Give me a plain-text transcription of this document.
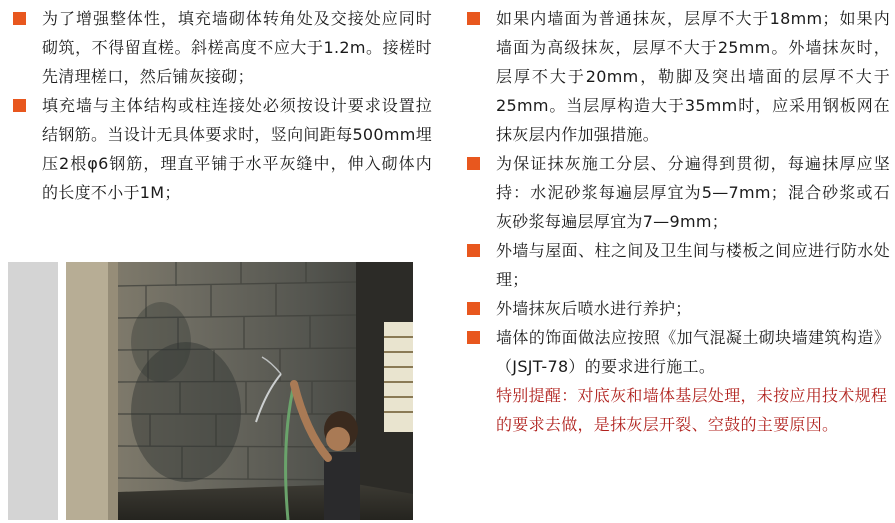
为了增强整体性，填充墙砌体转角处及交接处应同时砌筑，不得留直槎。斜槎高度不应大于1.2m。接槎时先清理槎口，然后铺灰接砌；
填充墙与主体结构或柱连接处必须按设计要求设置拉结钢筋。当设计无具体要求时，竖向间距每500mm埋压2根φ6钢筋，理直平铺于水平灰缝中，伸入砌体内的长度不小于1M；
如果内墙面为普通抹灰，层厚不大于18mm；如果内墙面为高级抹灰，层厚不大于25mm。外墙抹灰时，层厚不大于20mm，勒脚及突出墙面的层厚不大于25mm。当层厚构造大于35mm时，应采用钢板网在抹灰层内作加强措施。
为保证抹灰施工分层、分遍得到贯彻，每遍抹厚应坚持：水泥砂浆每遍层厚宜为5—7mm；混合砂浆或石灰砂浆每遍层厚宜为7—9mm；
外墙与屋面、柱之间及卫生间与楼板之间应进行防水处理；
外墙抹灰后喷水进行养护；
墙体的饰面做法应按照《加气混凝土砌块墙建筑构造》（JSJT-78）的要求进行施工。
特别提醒：对底灰和墙体基层处理，未按应用技术规程的要求去做，是抹灰层开裂、空鼓的主要原因。
